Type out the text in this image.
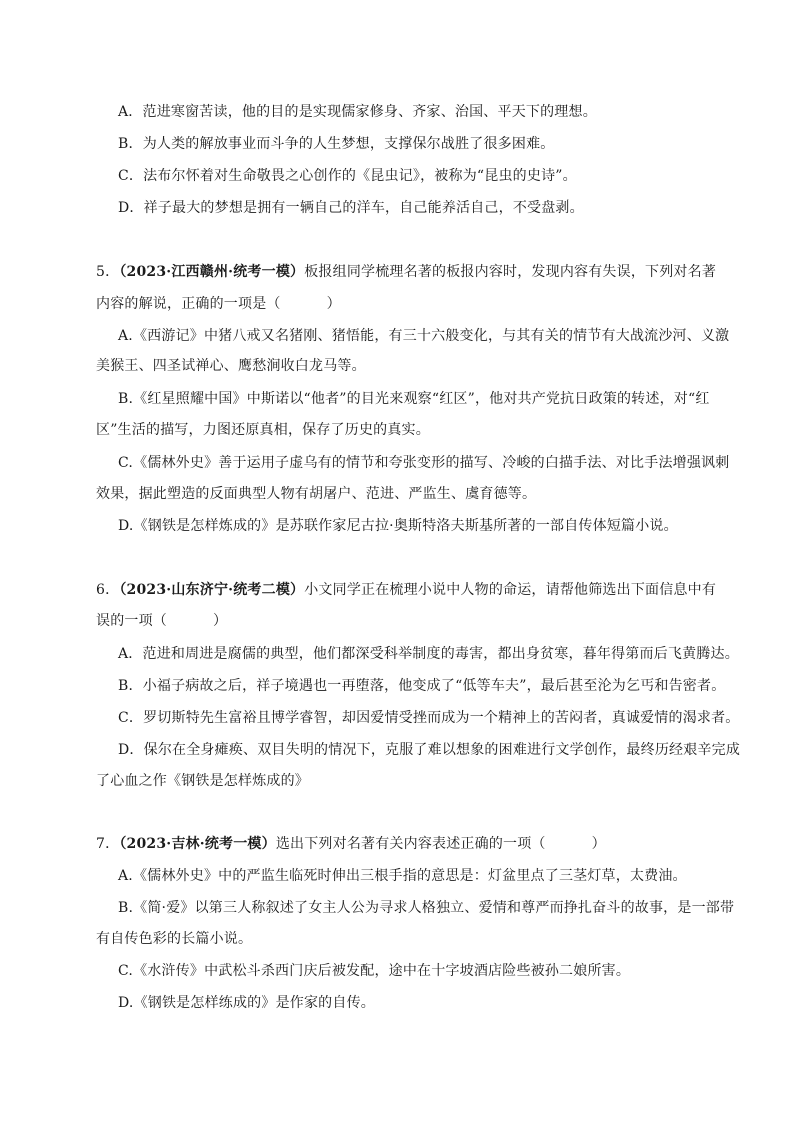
A．范进寒窗苦读，他的目的是实现儒家修身、齐家、治国、平天下的理想。
B．为人类的解放事业而斗争的人生梦想，支撑保尔战胜了很多困难。
C．法布尔怀着对生命敬畏之心创作的《昆虫记》，被称为“昆虫的史诗”。
D．祥子最大的梦想是拥有一辆自己的洋车，自己能养活自己，不受盘剥。
5．（2023·江西赣州·统考一模）板报组同学梳理名著的板报内容时，发现内容有失误，下列对名著
内容的解说，正确的一项是（	）
A.《西游记》中猪八戒又名猪刚、猪悟能，有三十六般变化，与其有关的情节有大战流沙河、义激
美猴王、四圣试禅心、鹰愁涧收白龙马等。
B.《红星照耀中国》中斯诺以“他者”的目光来观察“红区”，他对共产党抗日政策的转述，对“红
区”生活的描写，力图还原真相，保存了历史的真实。
C.《儒林外史》善于运用子虚乌有的情节和夸张变形的描写、冷峻的白描手法、对比手法增强讽刺
效果，据此塑造的反面典型人物有胡屠户、范进、严监生、虞育德等。
D.《钢铁是怎样炼成的》是苏联作家尼古拉·奥斯特洛夫斯基所著的一部自传体短篇小说。
6．（2023·山东济宁·统考二模）小文同学正在梳理小说中人物的命运，请帮他筛选出下面信息中有
误的一项（	）
A．范进和周进是腐儒的典型，他们都深受科举制度的毒害，都出身贫寒，暮年得第而后飞黄腾达。
B．小福子病故之后，祥子境遇也一再堕落，他变成了“低等车夫”，最后甚至沦为乞丐和告密者。
C．罗切斯特先生富裕且博学睿智，却因爱情受挫而成为一个精神上的苦闷者，真诚爱情的渴求者。
D．保尔在全身瘫痪、双目失明的情况下，克服了难以想象的困难进行文学创作，最终历经艰辛完成
了心血之作《钢铁是怎样炼成的》
7．（2023·吉林·统考一模）选出下列对名著有关内容表述正确的一项（	）
A.《儒林外史》中的严监生临死时伸出三根手指的意思是：灯盆里点了三茎灯草，太费油。
B.《简·爱》以第三人称叙述了女主人公为寻求人格独立、爱情和尊严而挣扎奋斗的故事，是一部带
有自传色彩的长篇小说。
C.《水浒传》中武松斗杀西门庆后被发配，途中在十字坡酒店险些被孙二娘所害。
D.《钢铁是怎样练成的》是作家的自传。
